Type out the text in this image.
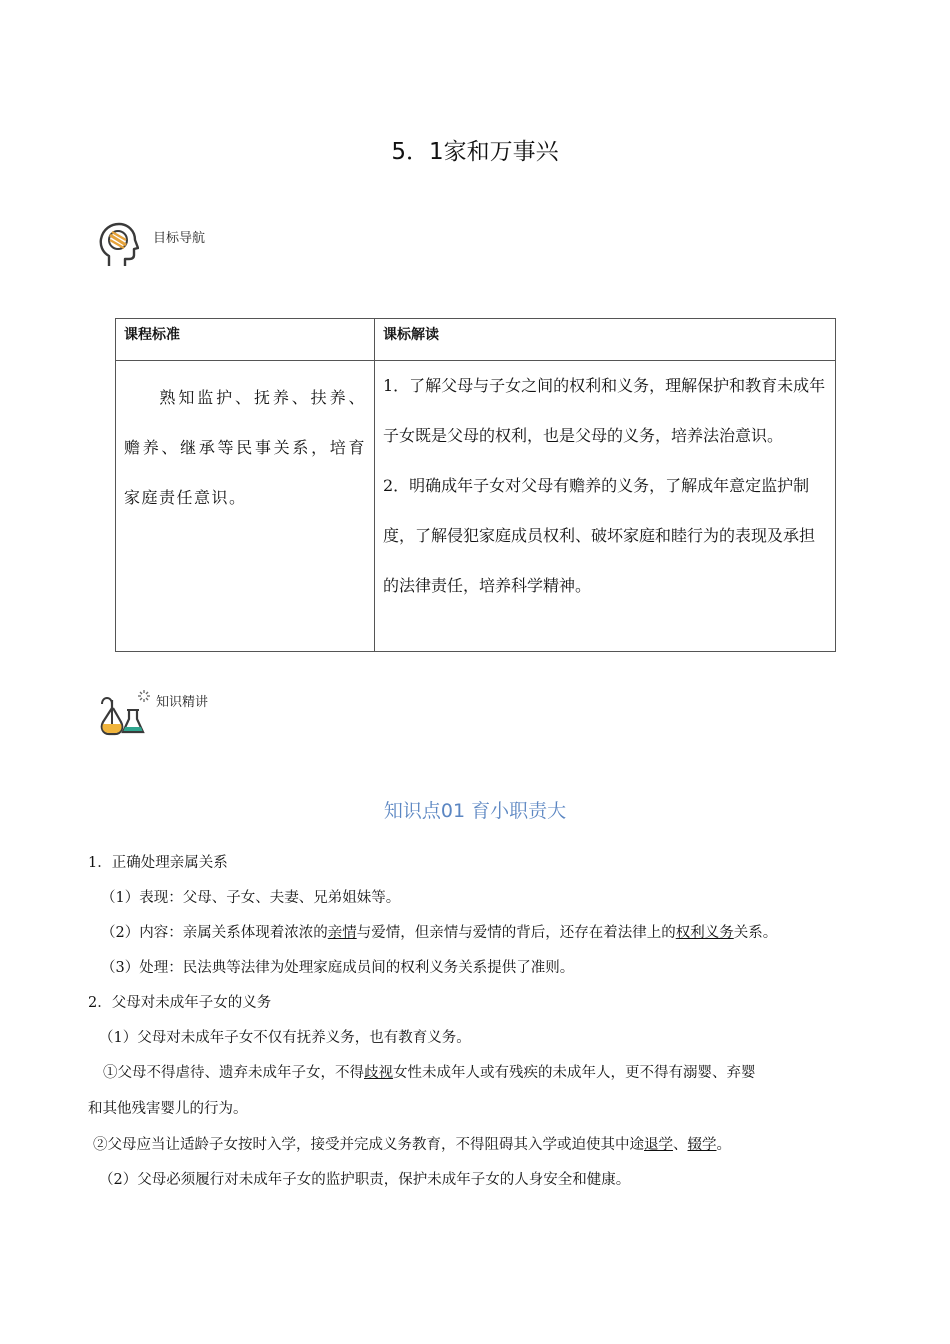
5．1家和万事兴
目标导航
课程标准	课标解读
熟知监护、抚养、扶养、赡养、继承等民事关系，培育家庭责任意识。	1．了解父母与子女之间的权利和义务，理解保护和教育未成年子女既是父母的权利，也是父母的义务，培养法治意识。
2．明确成年子女对父母有赡养的义务，了解成年意定监护制度，了解侵犯家庭成员权利、破坏家庭和睦行为的表现及承担的法律责任，培养科学精神。
知识精讲
知识点01 育小职责大
1．正确处理亲属关系
（1）表现：父母、子女、夫妻、兄弟姐妹等。
（2）内容：亲属关系体现着浓浓的亲情与爱情，但亲情与爱情的背后，还存在着法律上的权利义务关系。
（3）处理：民法典等法律为处理家庭成员间的权利义务关系提供了准则。
2．父母对未成年子女的义务
（1）父母对未成年子女不仅有抚养义务，也有教育义务。
①父母不得虐待、遗弃未成年子女，不得歧视女性未成年人或有残疾的未成年人，更不得有溺婴、弃婴
和其他残害婴儿的行为。
②父母应当让适龄子女按时入学，接受并完成义务教育，不得阻碍其入学或迫使其中途退学、辍学。
（2）父母必须履行对未成年子女的监护职责，保护未成年子女的人身安全和健康。
